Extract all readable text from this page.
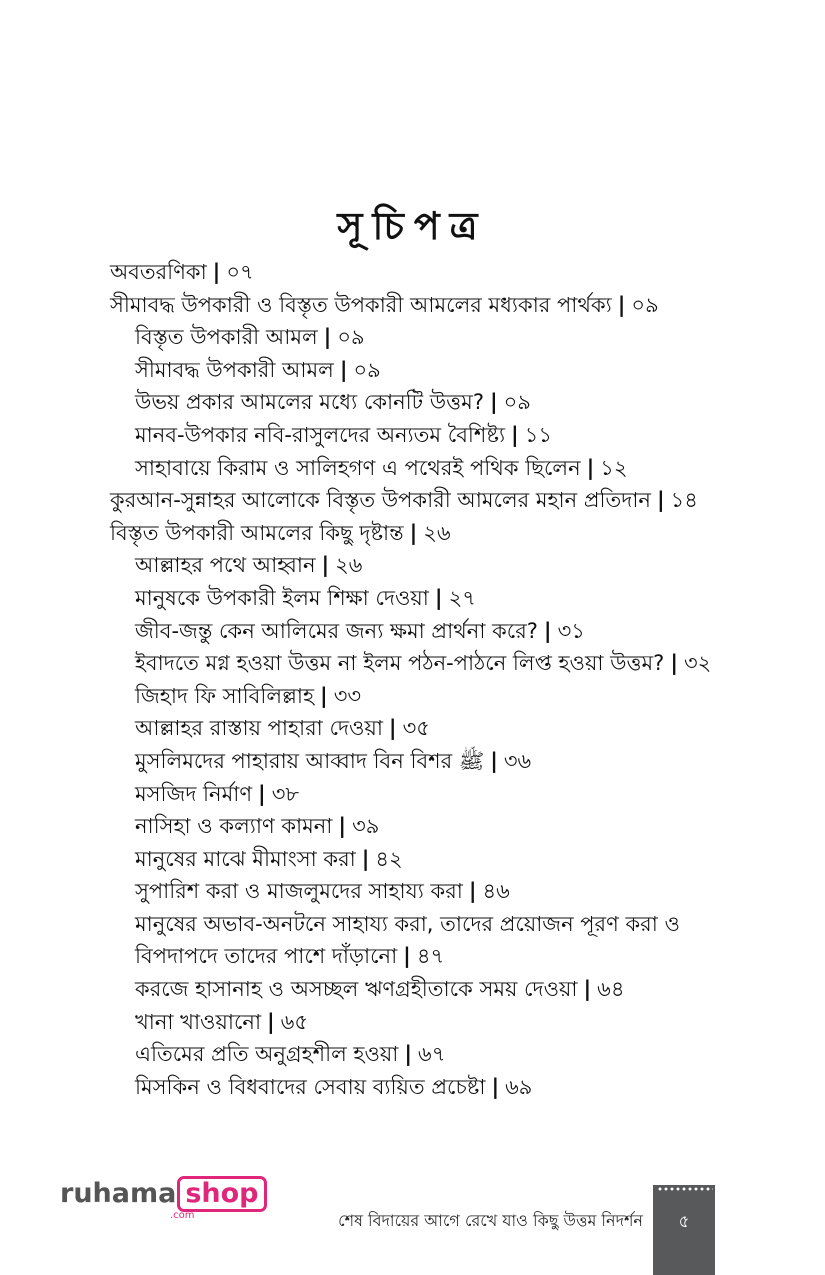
সূচিপত্র
অবতরণিকা | ০৭
সীমাবদ্ধ উপকারী ও বিস্তৃত উপকারী আমলের মধ্যকার পার্থক্য | ০৯
বিস্তৃত উপকারী আমল | ০৯
সীমাবদ্ধ উপকারী আমল | ০৯
উভয় প্রকার আমলের মধ্যে কোনটি উত্তম? | ০৯
মানব-উপকার নবি-রাসুলদের অন্যতম বৈশিষ্ট্য | ১১
সাহাবায়ে কিরাম ও সালিহগণ এ পথেরই পথিক ছিলেন | ১২
কুরআন-সুন্নাহর আলোকে বিস্তৃত উপকারী আমলের মহান প্রতিদান | ১৪
বিস্তৃত উপকারী আমলের কিছু দৃষ্টান্ত | ২৬
আল্লাহর পথে আহ্বান | ২৬
মানুষকে উপকারী ইলম শিক্ষা দেওয়া | ২৭
জীব-জন্তু কেন আলিমের জন্য ক্ষমা প্রার্থনা করে? | ৩১
ইবাদতে মগ্ন হওয়া উত্তম না ইলম পঠন-পাঠনে লিপ্ত হওয়া উত্তম? | ৩২
জিহাদ ফি সাবিলিল্লাহ | ৩৩
আল্লাহর রাস্তায় পাহারা দেওয়া | ৩৫
মুসলিমদের পাহারায় আব্বাদ বিন বিশর ﷺ | ৩৬
মসজিদ নির্মাণ | ৩৮
নাসিহা ও কল্যাণ কামনা | ৩৯
মানুষের মাঝে মীমাংসা করা | ৪২
সুপারিশ করা ও মাজলুমদের সাহায্য করা | ৪৬
মানুষের অভাব-অনটনে সাহায্য করা, তাদের প্রয়োজন পূরণ করা ও
বিপদাপদে তাদের পাশে দাঁড়ানো | ৪৭
করজে হাসানাহ ও অসচ্ছল ঋণগ্রহীতাকে সময় দেওয়া | ৬৪
খানা খাওয়ানো | ৬৫
এতিমের প্রতি অনুগ্রহশীল হওয়া | ৬৭
মিসকিন ও বিধবাদের সেবায় ব্যয়িত প্রচেষ্টা | ৬৯
ruhama shop
.com	শেষ বিদায়ের আগে রেখে যাও কিছু উত্তম নিদর্শন	৫
